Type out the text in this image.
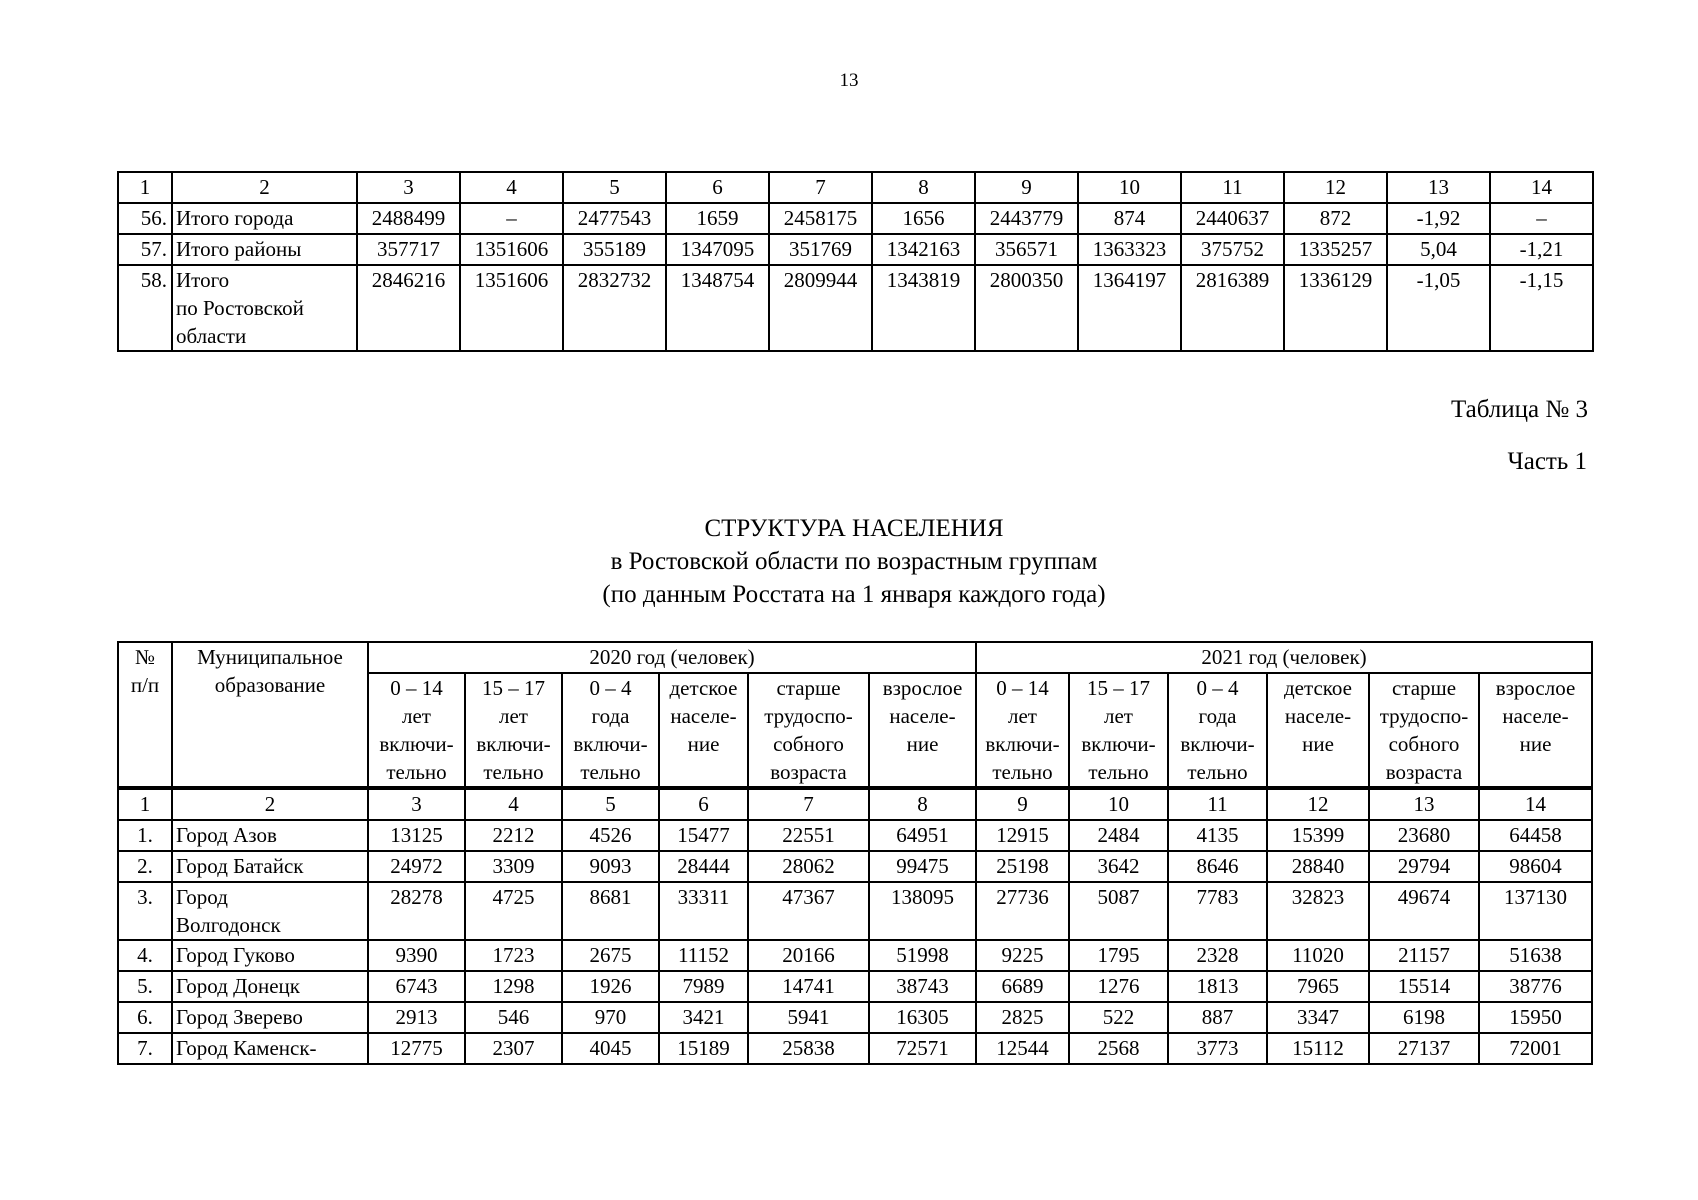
13
1	2	3	4	5	6	7	8	9	10	11	12	13	14
56.	Итого города	2488499	–	2477543	1659	2458175	1656	2443779	874	2440637	872	-1,92	–
57.	Итого районы	357717	1351606	355189	1347095	351769	1342163	356571	1363323	375752	1335257	5,04	-1,21
58.	Итого
по Ростовской
области	2846216	1351606	2832732	1348754	2809944	1343819	2800350	1364197	2816389	1336129	-1,05	-1,15
Таблица № 3
Часть 1
СТРУКТУРА НАСЕЛЕНИЯ
в Ростовской области по возрастным группам
(по данным Росстата на 1 января каждого года)
№
п/п	Муниципальное
образование	2020 год (человек)						2021 год (человек)					
		0 – 14
лет
включи-
тельно	15 – 17
лет
включи-
тельно	0 – 4
года
включи-
тельно	детское
населе-
ние	старше
трудоспо-
собного
возраста	взрослое
населе-
ние	0 – 14
лет
включи-
тельно	15 – 17
лет
включи-
тельно	0 – 4
года
включи-
тельно	детское
населе-
ние	старше
трудоспо-
собного
возраста	взрослое
населе-
ние
1	2	3	4	5	6	7	8	9	10	11	12	13	14
1.	Город Азов	13125	2212	4526	15477	22551	64951	12915	2484	4135	15399	23680	64458
2.	Город Батайск	24972	3309	9093	28444	28062	99475	25198	3642	8646	28840	29794	98604
3.	Город
Волгодонск	28278	4725	8681	33311	47367	138095	27736	5087	7783	32823	49674	137130
4.	Город Гуково	9390	1723	2675	11152	20166	51998	9225	1795	2328	11020	21157	51638
5.	Город Донецк	6743	1298	1926	7989	14741	38743	6689	1276	1813	7965	15514	38776
6.	Город Зверево	2913	546	970	3421	5941	16305	2825	522	887	3347	6198	15950
7.	Город Каменск-	12775	2307	4045	15189	25838	72571	12544	2568	3773	15112	27137	72001
